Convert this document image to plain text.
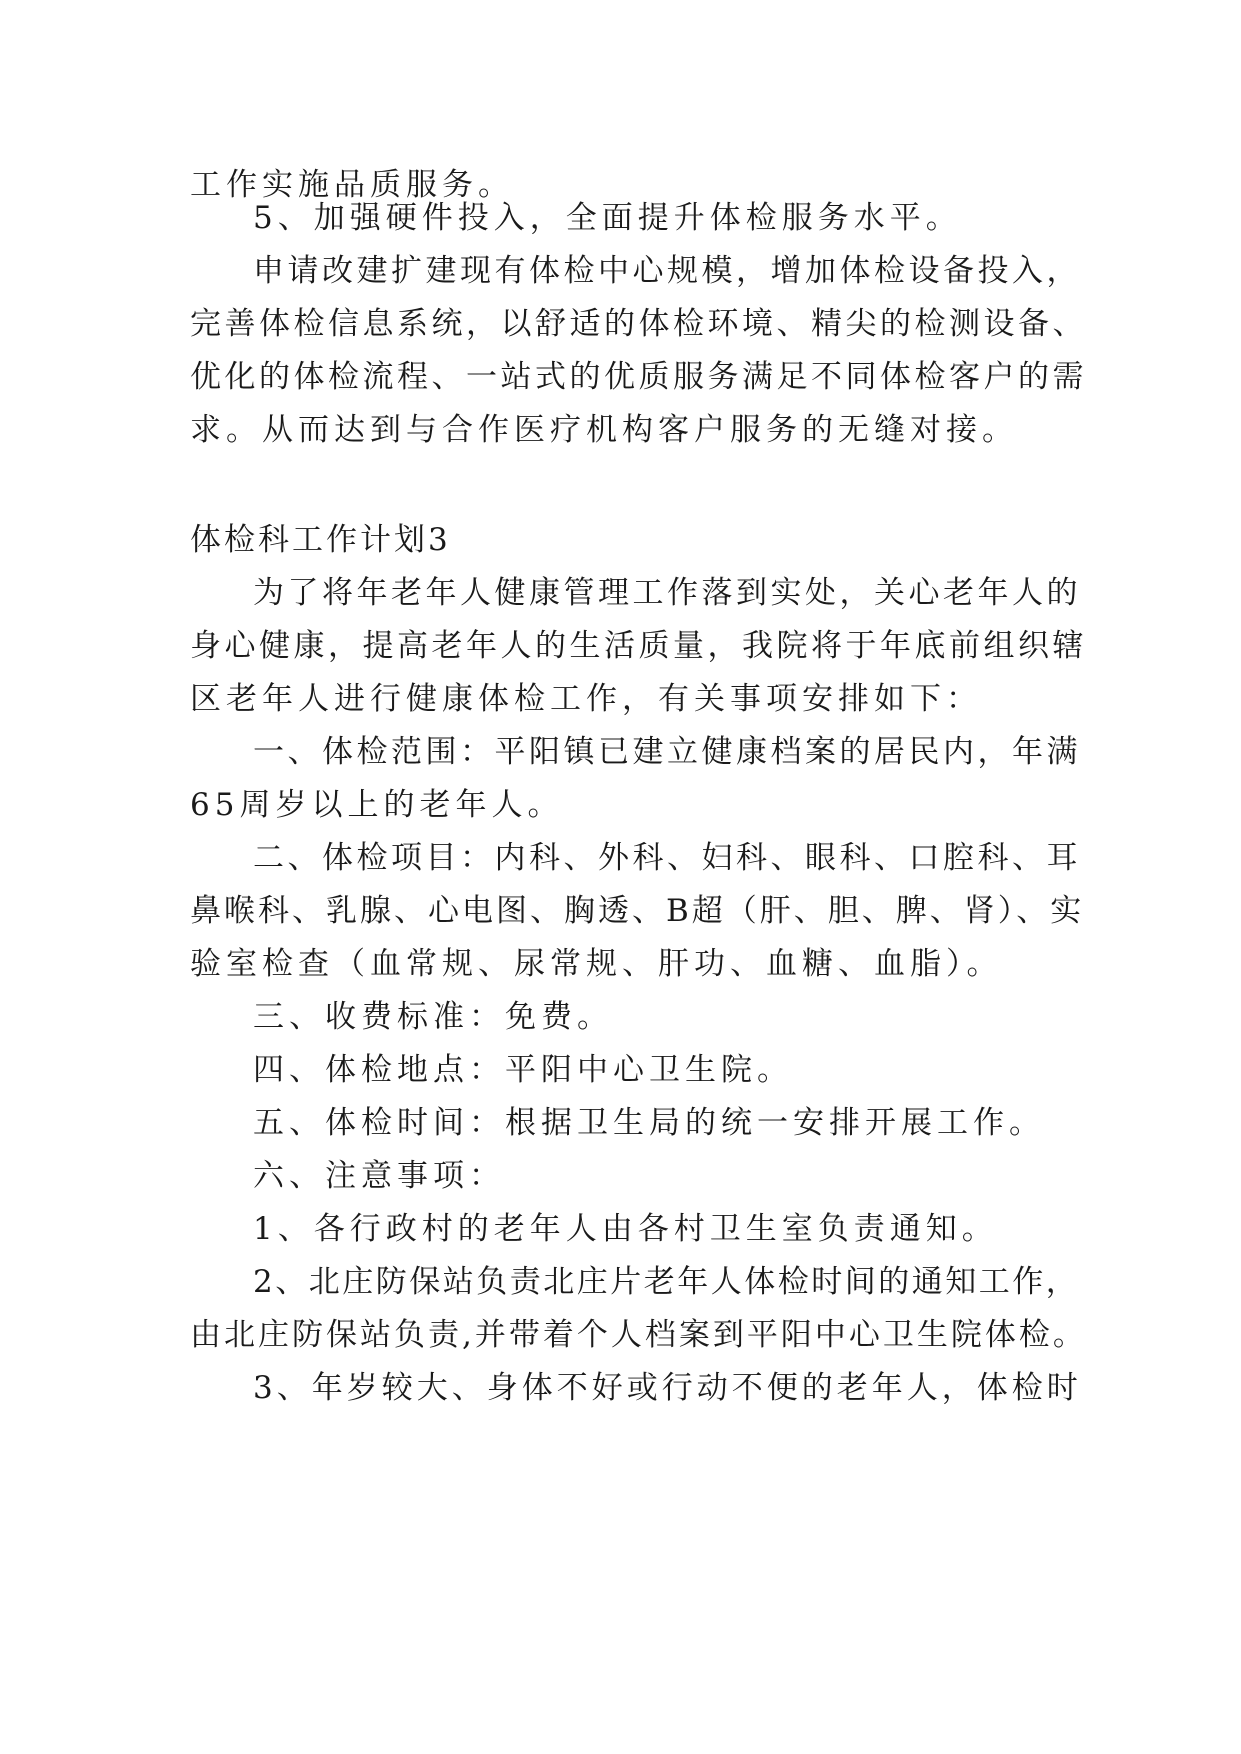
工作实施品质服务。
5、加强硬件投入，全面提升体检服务水平。
申请改建扩建现有体检中心规模，增加体检设备投入，
完善体检信息系统，以舒适的体检环境、精尖的检测设备、
优化的体检流程、一站式的优质服务满足不同体检客户的需
求。从而达到与合作医疗机构客户服务的无缝对接。
体检科工作计划3
为了将年老年人健康管理工作落到实处，关心老年人的
身心健康，提高老年人的生活质量，我院将于年底前组织辖
区老年人进行健康体检工作，有关事项安排如下：
一、体检范围：平阳镇已建立健康档案的居民内，年满
65周岁以上的老年人。
二、体检项目：内科、外科、妇科、眼科、口腔科、耳
鼻喉科、乳腺、心电图、胸透、B超（肝、胆、脾、肾）、实
验室检查（血常规、尿常规、肝功、血糖、血脂）。
三、收费标准：免费。
四、体检地点：平阳中心卫生院。
五、体检时间：根据卫生局的统一安排开展工作。
六、注意事项：
1、各行政村的老年人由各村卫生室负责通知。
2、北庄防保站负责北庄片老年人体检时间的通知工作，
由北庄防保站负责,并带着个人档案到平阳中心卫生院体检。
3、年岁较大、身体不好或行动不便的老年人，体检时
